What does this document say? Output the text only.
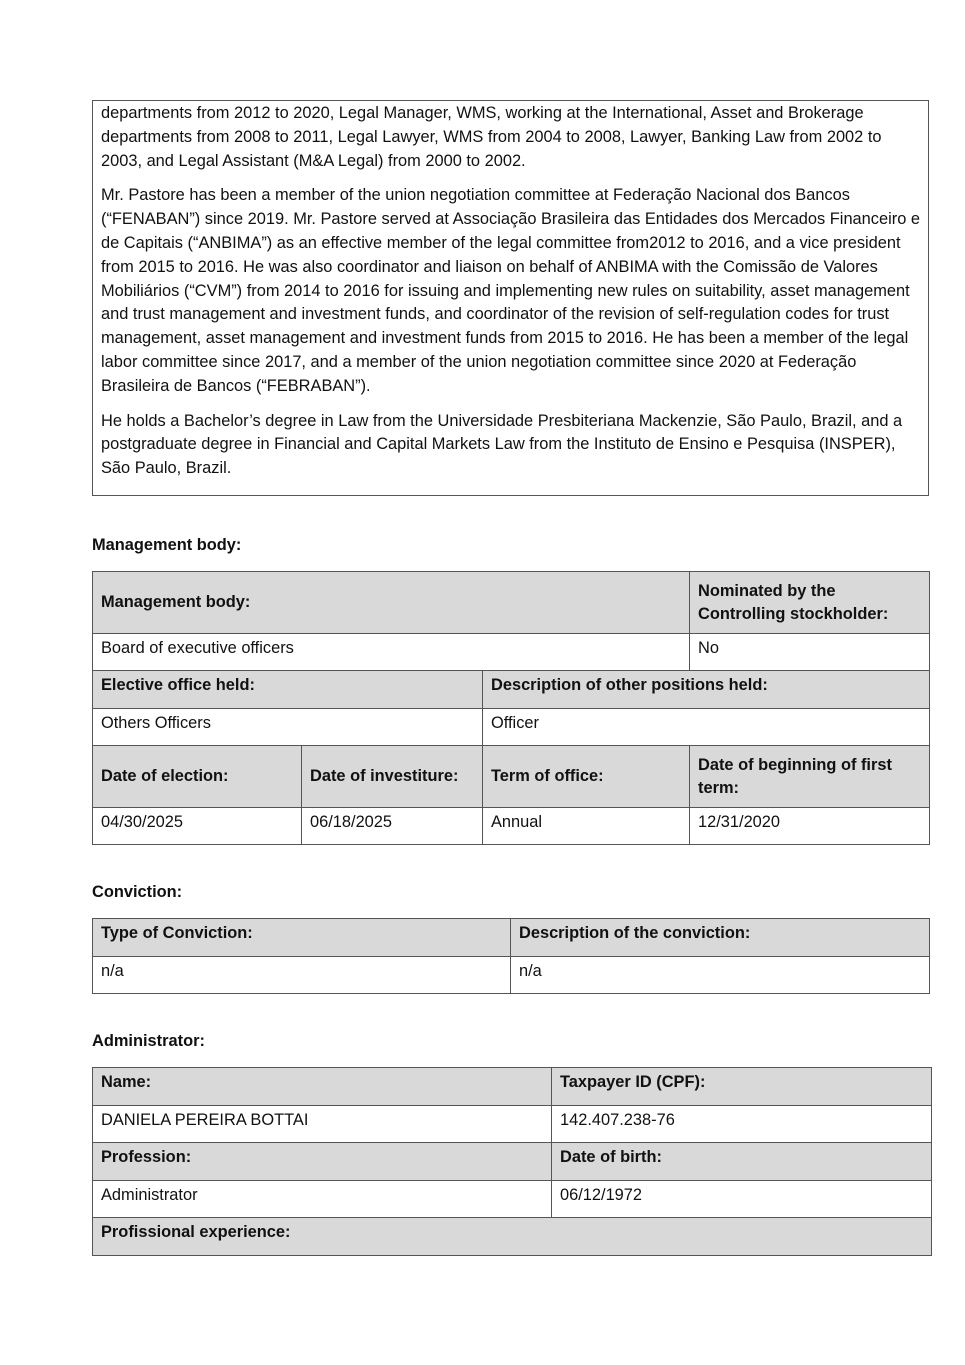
departments from 2012 to 2020, Legal Manager, WMS, working at the International, Asset and Brokerage departments from 2008 to 2011, Legal Lawyer, WMS from 2004 to 2008, Lawyer, Banking Law from 2002 to 2003, and Legal Assistant (M&A Legal) from 2000 to 2002.

Mr. Pastore has been a member of the union negotiation committee at Federação Nacional dos Bancos (“FENABAN”) since 2019. Mr. Pastore served at Associação Brasileira das Entidades dos Mercados Financeiro e de Capitais (“ANBIMA”) as an effective member of the legal committee from2012 to 2016, and a vice president from 2015 to 2016. He was also coordinator and liaison on behalf of ANBIMA with the Comissão de Valores Mobiliários (“CVM”) from 2014 to 2016 for issuing and implementing new rules on suitability, asset management and trust management and investment funds, and coordinator of the revision of self-regulation codes for trust management, asset management and investment funds from 2015 to 2016. He has been a member of the legal labor committee since 2017, and a member of the union negotiation committee since 2020 at Federação Brasileira de Bancos (“FEBRABAN”).

He holds a Bachelor’s degree in Law from the Universidade Presbiteriana Mackenzie, São Paulo, Brazil, and a postgraduate degree in Financial and Capital Markets Law from the Instituto de Ensino e Pesquisa (INSPER), São Paulo, Brazil.

Management body:
Management body:			Nominated by the Controlling stockholder:
Board of executive officers			No
Elective office held:		Description of other positions held:	
Others Officers		Officer	
Date of election:	Date of investiture:	Term of office:	Date of beginning of first term:
04/30/2025	06/18/2025	Annual	12/31/2020
Conviction:
Type of Conviction:	Description of the conviction:
n/a	n/a
Administrator:
Name:	Taxpayer ID (CPF):
DANIELA PEREIRA BOTTAI	142.407.238-76
Profession:	Date of birth:
Administrator	06/12/1972
Profissional experience:	
